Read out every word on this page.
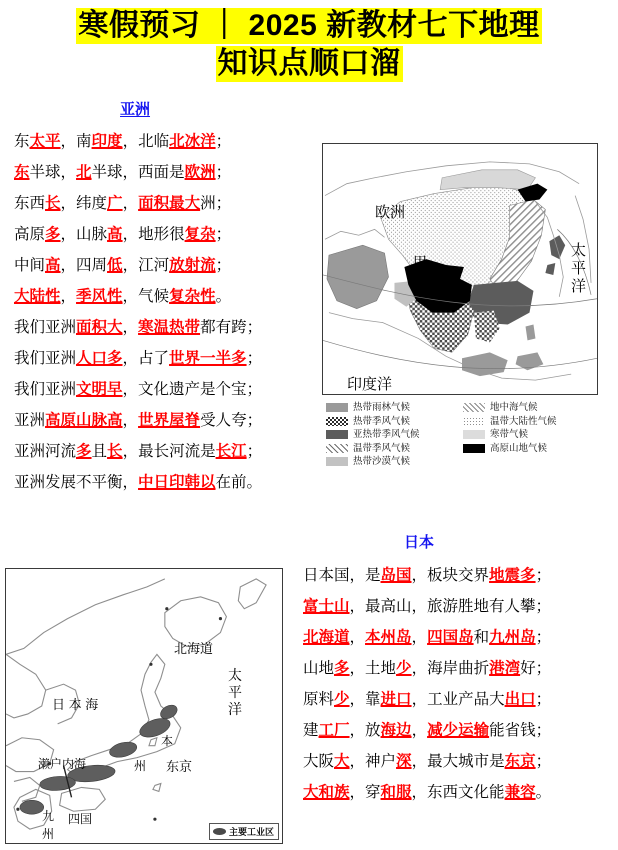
寒假预习 ｜ 2025 新教材七下地理
知识点顺口溜
亚洲
东太平，南印度，北临北冰洋；
东半球，北半球，西面是欧洲；
东西长，纬度广，面积最大洲；
高原多，山脉高，地形很复杂；
中间高，四周低，江河放射流；
大陆性，季风性，气候复杂性。
我们亚洲面积大，寒温热带都有跨；
我们亚洲人口多，占了世界一半多；
我们亚洲文明早，文化遗产是个宝；
亚洲高原山脉高，世界屋脊受人夸；
亚洲河流多且长，最长河流是长江；
亚洲发展不平衡，中日印韩以在前。
欧洲
甲
太平洋
印度洋
热带雨林气候
热带季风气候
亚热带季风气候
温带季风气候
热带沙漠气候
地中海气候
温带大陆性气候
寒带气候
高原山地气候
日本
日本国，是岛国，板块交界地震多；
富士山，最高山，旅游胜地有人攀；
北海道，本州岛，四国岛和九州岛；
山地多，土地少，海岸曲折港湾好；
原料少，靠进口，工业产品大出口；
建工厂，放海边，减少运输能省钱；
大阪大，神户深，最大城市是东京；
大和族，穿和服，东西文化能兼容。
北海道
日 本 海
太平洋
本
州 东京
濑户内海
四国
九
州	主要工业区
